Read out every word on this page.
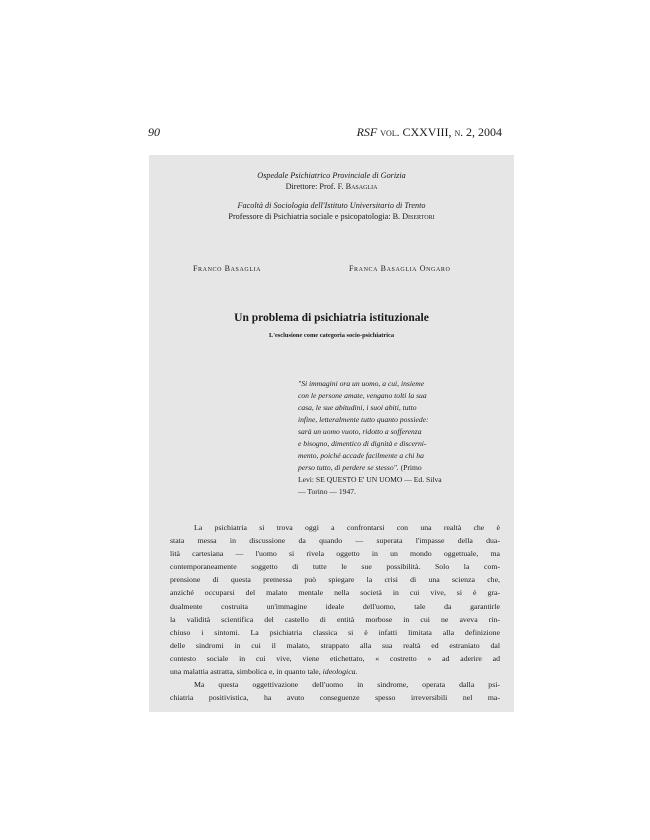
90	RSF vol. CXXVIII, n. 2, 2004
Ospedale Psichiatrico Provinciale di Gorizia
Direttore: Prof. F. Basaglia
Facoltà di Sociologia dell'Istituto Universitario di Trento
Professore di Psichiatria sociale e psicopatologia: B. Disertori
Franco Basaglia	Franca Basaglia Ongaro
Un problema di psichiatria istituzionale
L'esclusione come categoria socio-psichiatrica
"Si immagini ora un uomo, a cui, insieme
con le persone amate, vengano tolti la sua
casa, le sue abitudini, i suoi abiti, tutto
infine, letteralmente tutto quanto possiede:
sarà un uomo vuoto, ridotto a sofferenza
e bisogno, dimentico di dignità e discerni-
mento, poiché accade facilmente a chi ha
perso tutto, di perdere se stesso". (Primo
Levi: SE QUESTO E' UN UOMO — Ed. Silva
— Torino — 1947.
La psichiatria si trova oggi a confrontarsi con una realtà che è
stata messa in discussione da quando — superata l'impasse della dua-
lità cartesiana — l'uomo si rivela oggetto in un mondo oggettuale, ma
contemporaneamente soggetto di tutte le sue possibilità. Solo la com-
prensione di questa premessa può spiegare la crisi di una scienza che,
anziché occuparsi del malato mentale nella società in cui vive, si è gra-
dualmente costruita un'immagine ideale dell'uomo, tale da garantirle
la validità scientifica del castello di entità morbose in cui ne aveva rin-
chiuso i sintomi. La psichiatria classica si è infatti limitata alla definizione
delle sindromi in cui il malato, strappato alla sua realtà ed estraniato dal
contesto sociale in cui vive, viene etichettato, « costretto » ad aderire ad
una malattia astratta, simbolica e, in quanto tale, ideologica.
Ma questa oggettivazione dell'uomo in sindrome, operata dalla psi-
chiatria positivistica, ha avuto conseguenze spesso irreversibili nel ma-
